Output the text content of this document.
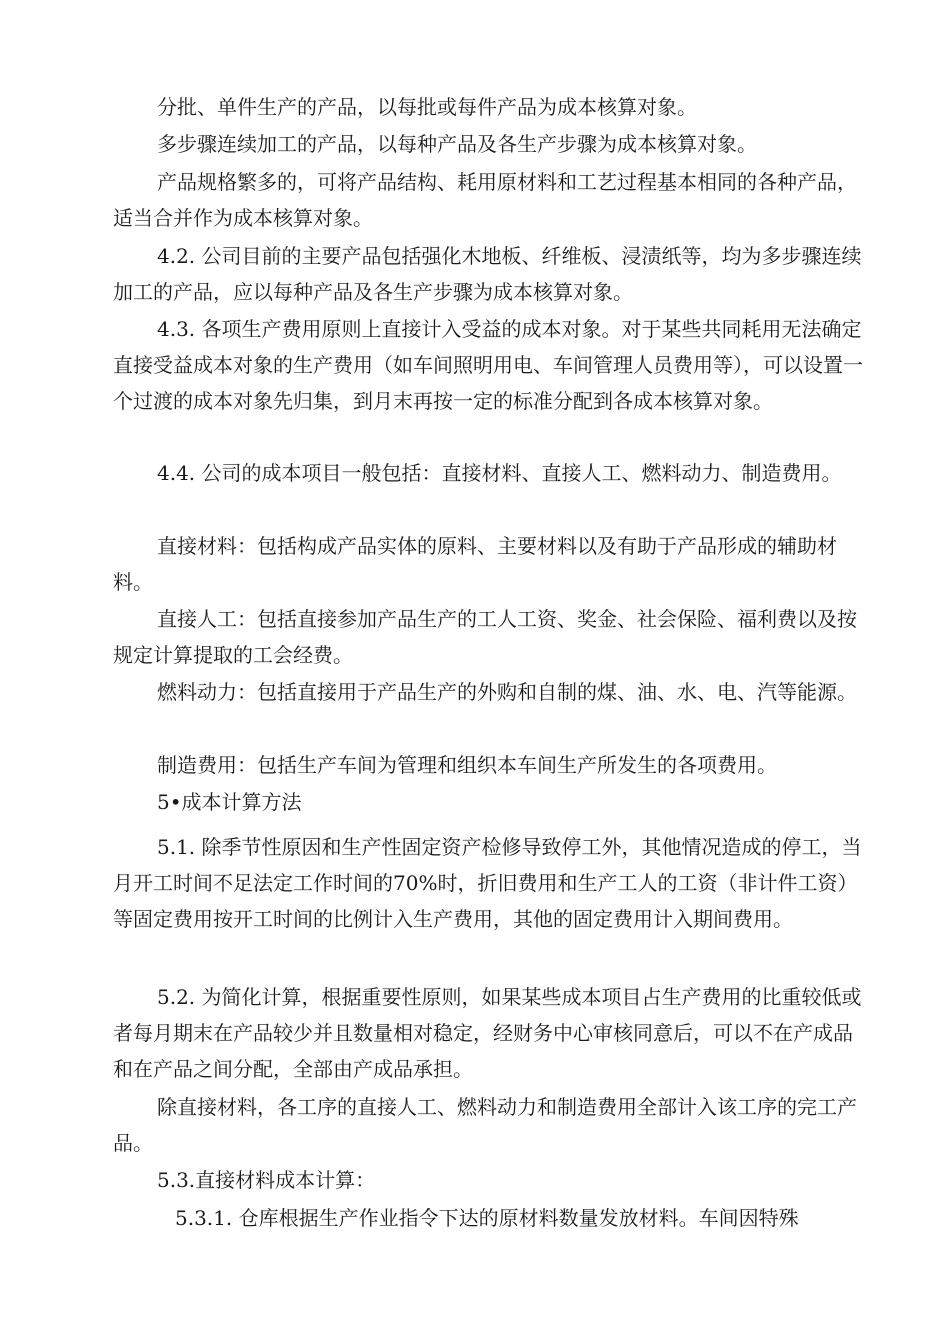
分批、单件生产的产品，以每批或每件产品为成本核算对象。

多步骤连续加工的产品，以每种产品及各生产步骤为成本核算对象。

产品规格繁多的，可将产品结构、耗用原材料和工艺过程基本相同的各种产品，适当合并作为成本核算对象。

4.2. 公司目前的主要产品包括强化木地板、纤维板、浸渍纸等，均为多步骤连续加工的产品，应以每种产品及各生产步骤为成本核算对象。

4.3. 各项生产费用原则上直接计入受益的成本对象。对于某些共同耗用无法确定直接受益成本对象的生产费用（如车间照明用电、车间管理人员费用等），可以设置一个过渡的成本对象先归集，到月末再按一定的标准分配到各成本核算对象。

4.4. 公司的成本项目一般包括：直接材料、直接人工、燃料动力、制造费用。

直接材料：包括构成产品实体的原料、主要材料以及有助于产品形成的辅助材料。

直接人工：包括直接参加产品生产的工人工资、奖金、社会保险、福利费以及按规定计算提取的工会经费。

燃料动力：包括直接用于产品生产的外购和自制的煤、油、水、电、汽等能源。

制造费用：包括生产车间为管理和组织本车间生产所发生的各项费用。

5•成本计算方法

5.1. 除季节性原因和生产性固定资产检修导致停工外，其他情况造成的停工，当月开工时间不足法定工作时间的70%时，折旧费用和生产工人的工资（非计件工资）等固定费用按开工时间的比例计入生产费用，其他的固定费用计入期间费用。

5.2. 为简化计算，根据重要性原则，如果某些成本项目占生产费用的比重较低或者每月期末在产品较少并且数量相对稳定，经财务中心审核同意后，可以不在产成品和在产品之间分配，全部由产成品承担。

除直接材料，各工序的直接人工、燃料动力和制造费用全部计入该工序的完工产品。

5.3.直接材料成本计算：

5.3.1. 仓库根据生产作业指令下达的原材料数量发放材料。车间因特殊
